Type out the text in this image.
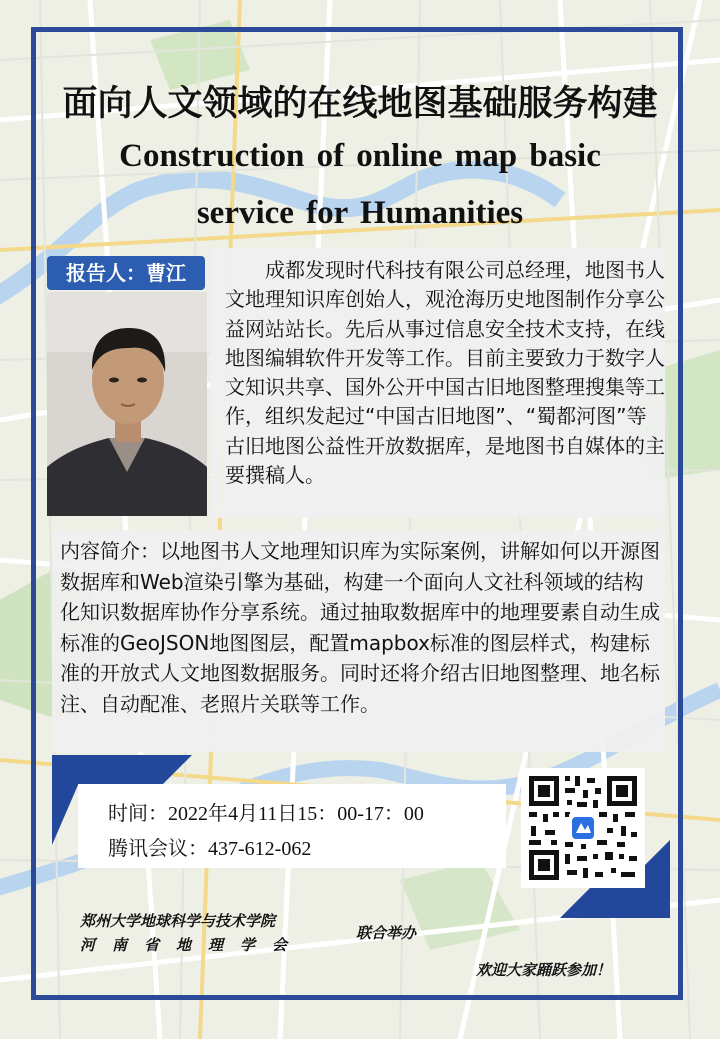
面向人文领域的在线地图基础服务构建
Construction of online map basic
service for Humanities
报告人：曹江	成都发现时代科技有限公司总经理，地图书人文地理知识库创始人，观沧海历史地图制作分享公益网站站长。先后从事过信息安全技术支持，在线地图编辑软件开发等工作。目前主要致力于数字人文知识共享、国外公开中国古旧地图整理搜集等工作，组织发起过“中国古旧地图”、“蜀都河图”等古旧地图公益性开放数据库，是地图书自媒体的主要撰稿人。

内容简介：以地图书人文地理知识库为实际案例，讲解如何以开源图数据库和Web渲染引擎为基础，构建一个面向人文社科领域的结构化知识数据库协作分享系统。通过抽取数据库中的地理要素自动生成标准的GeoJSON地图图层，配置mapbox标准的图层样式，构建标准的开放式人文地图数据服务。同时还将介绍古旧地图整理、地名标注、自动配准、老照片关联等工作。

时间：2022年4月11日15：00-17：00
腾讯会议：437-612-062
郑州大学地球科学与技术学院
河南省地理学会
联合举办
欢迎大家踊跃参加！
